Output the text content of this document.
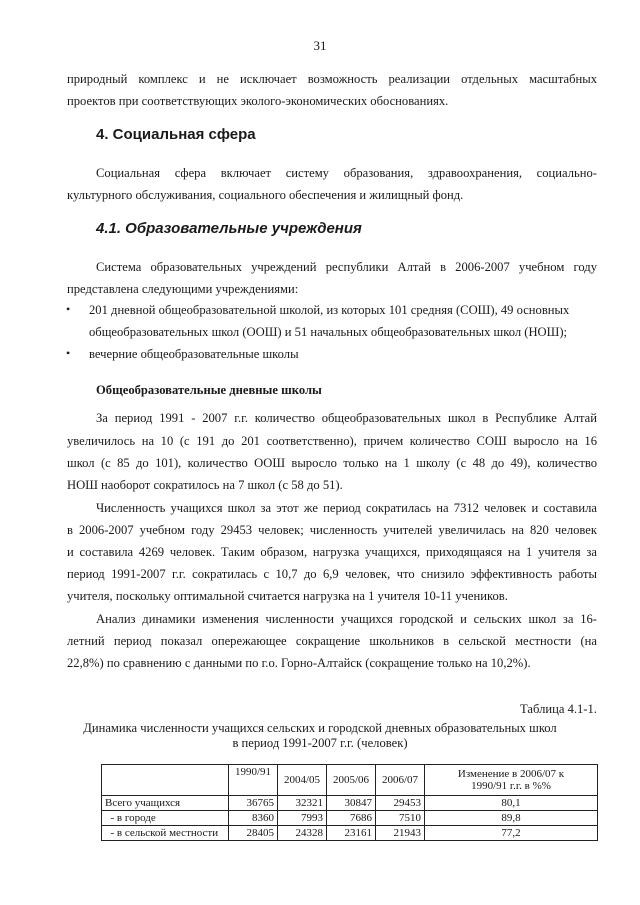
31
природный комплекс и не исключает возможность реализации отдельных масштабных
проектов при соответствующих эколого-экономических обоснованиях.
4. Социальная сфера
Социальная сфера включает систему образования, здравоохранения, социально-
культурного обслуживания, социального обеспечения и жилищный фонд.
4.1. Образовательные учреждения
Система образовательных учреждений республики Алтай в 2006-2007 учебном году
представлена следующими учреждениями:
• 201 дневной общеобразовательной школой, из которых 101 средняя (СОШ), 49 основных
общеобразовательных школ (ООШ) и 51 начальных общеобразовательных школ (НОШ);
• вечерние общеобразовательные школы
Общеобразовательные дневные школы
За период 1991 - 2007 г.г. количество общеобразовательных школ в Республике Алтай
увеличилось на 10 (с 191 до 201 соответственно), причем количество СОШ выросло на 16
школ (с 85 до 101), количество ООШ выросло только на 1 школу (с 48 до 49), количество
НОШ наоборот сократилось на 7 школ (с 58 до 51).
Численность учащихся школ за этот же период сократилась на 7312 человек и составила
в 2006-2007 учебном году 29453 человек; численность учителей увеличилась на 820 человек
и составила 4269 человек. Таким образом, нагрузка учащихся, приходящаяся на 1 учителя за
период 1991-2007 г.г. сократилась с 10,7 до 6,9 человек, что снизило эффективность работы
учителя, поскольку оптимальной считается нагрузка на 1 учителя 10-11 учеников.
Анализ динамики изменения численности учащихся городской и сельских школ за 16-
летний период показал опережающее сокращение школьников в сельской местности (на
22,8%) по сравнению с данными по г.о. Горно-Алтайск (сокращение только на 10,2%).
Таблица 4.1-1.
Динамика численности учащихся сельских и городской дневных образовательных школ
в период 1991-2007 г.г. (человек)
	1990/91	2004/05	2005/06	2006/07	Изменение в 2006/07 к
1990/91 г.г. в %%

Всего учащихся	36765	32321	30847	29453	80,1
- в городе	8360	7993	7686	7510	89,8
- в сельской местности	28405	24328	23161	21943	77,2
